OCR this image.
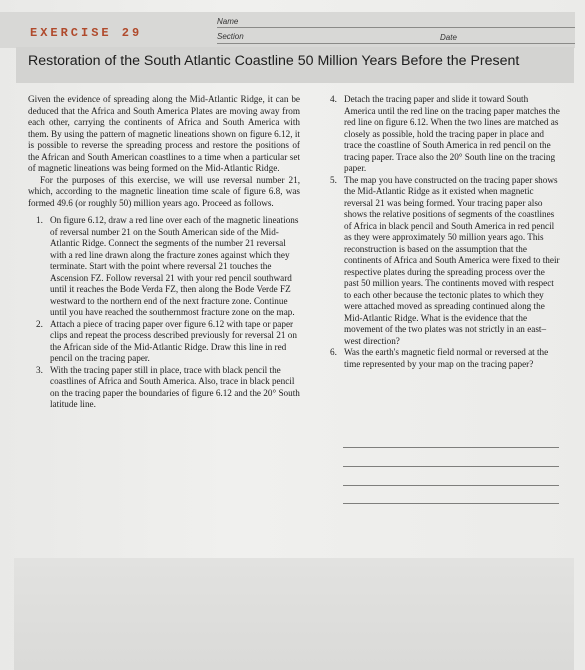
EXERCISE 29
Name
Section	Date
Restoration of the South Atlantic Coastline 50 Million Years Before the Present

Given the evidence of spreading along the Mid-Atlantic Ridge, it can be deduced that the Africa and South America Plates are moving away from each other, carrying the continents of Africa and South America with them. By using the pattern of magnetic lineations shown on figure 6.12, it is possible to reverse the spreading process and restore the positions of the African and South American coastlines to a time when a particular set of magnetic lineations was being formed on the Mid-Atlantic Ridge.

For the purposes of this exercise, we will use reversal number 21, which, according to the magnetic lineation time scale of figure 6.8, was formed 49.6 (or roughly 50) million years ago. Proceed as follows.

1. On figure 6.12, draw a red line over each of the magnetic lineations of reversal number 21 on the South American side of the Mid-Atlantic Ridge. Connect the segments of the number 21 reversal with a red line drawn along the fracture zones against which they terminate. Start with the point where reversal 21 touches the Ascension FZ. Follow reversal 21 with your red pencil southward until it reaches the Bode Verda FZ, then along the Bode Verde FZ westward to the northern end of the next fracture zone. Continue until you have reached the southernmost fracture zone on the map.
2. Attach a piece of tracing paper over figure 6.12 with tape or paper clips and repeat the process described previously for reversal 21 on the African side of the Mid-Atlantic Ridge. Draw this line in red pencil on the tracing paper.
3. With the tracing paper still in place, trace with black pencil the coastlines of Africa and South America. Also, trace in black pencil on the tracing paper the boundaries of figure 6.12 and the 20° South latitude line.
4. Detach the tracing paper and slide it toward South America until the red line on the tracing paper matches the red line on figure 6.12. When the two lines are matched as closely as possible, hold the tracing paper in place and trace the coastline of South America in red pencil on the tracing paper. Trace also the 20° South line on the tracing paper.
5. The map you have constructed on the tracing paper shows the Mid-Atlantic Ridge as it existed when magnetic reversal 21 was being formed. Your tracing paper also shows the relative positions of segments of the coastlines of Africa in black pencil and South America in red pencil as they were approximately 50 million years ago. This reconstruction is based on the assumption that the continents of Africa and South America were fixed to their respective plates during the spreading process over the past 50 million years. The continents moved with respect to each other because the tectonic plates to which they were attached moved as spreading continued along the Mid-Atlantic Ridge. What is the evidence that the movement of the two plates was not strictly in an east–west direction?
6. Was the earth's magnetic field normal or reversed at the time represented by your map on the tracing paper?
